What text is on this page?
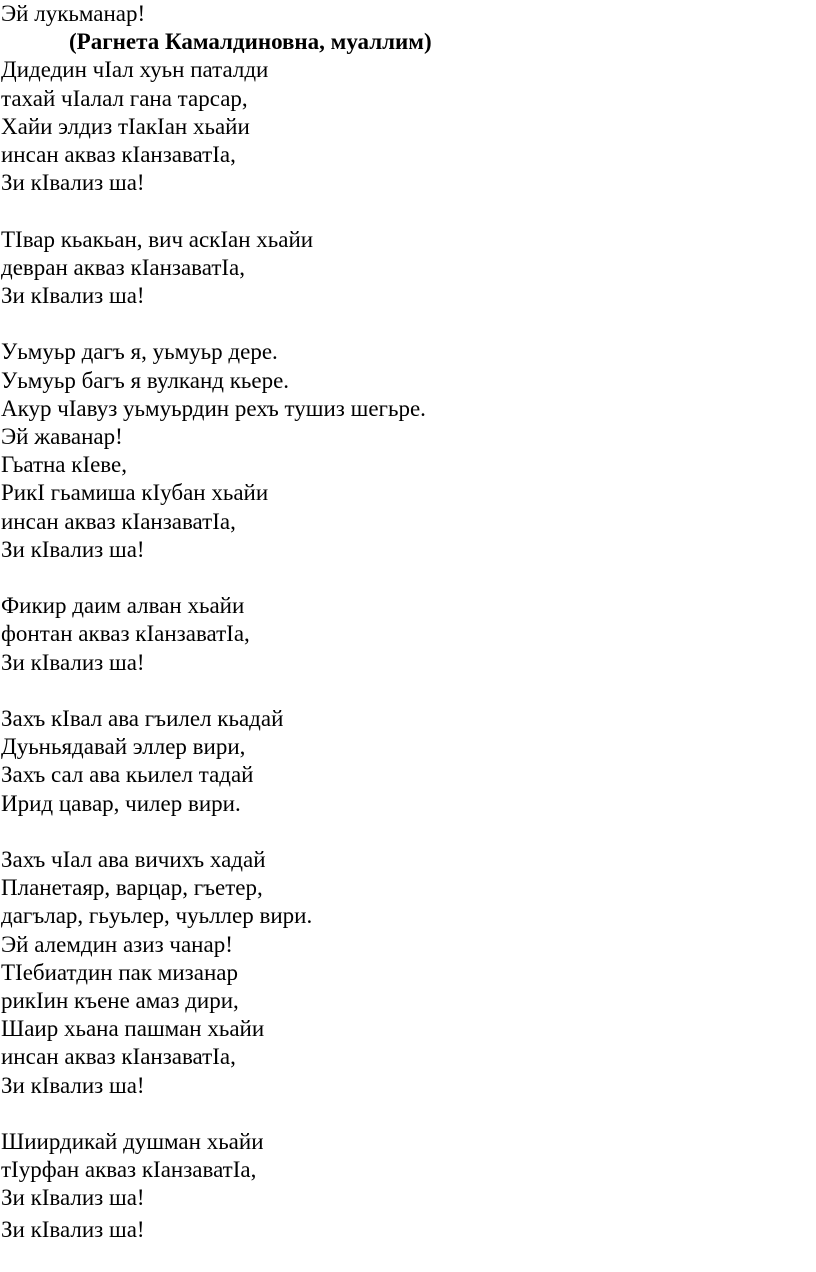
Эй лукьманар!
(Рагнета Камалдиновна, муаллим)
Дидедин чIал хуьн паталди
тахай чIалал гана тарсар,
Хайи элдиз тIакIан хьайи
инсан акваз кIанзаватIа,
Зи кIвализ ша!
TIвар кьакьан, вич аскIан хьайи
девран акваз кIанзаватIа,
Зи кIвализ ша!
Уьмуьр дагъ я, уьмуьр дере.
Уьмуьр багъ я вулканд кьере.
Акур чIавуз уьмуьрдин рехъ тушиз шегьре.
Эй жаванар!
Гьатна кIеве,
РикI гьамиша кIубан хьайи
инсан акваз кIанзаватIа,
Зи кIвализ ша!
Фикир даим алван хьайи
фонтан акваз кIанзаватIа,
Зи кIвализ ша!
Захъ кIвал ава гъилел кьадай
Дуьньядавай эллер вири,
Захъ сал ава кьилел тадай
Ирид цавар, чилер вири.
Захъ чIал ава вичихъ хадай
Планетаяр, варцар, гъетер,
дагълар, гьуьлер, чуьллер вири.
Эй алемдин азиз чанар!
TIебиатдин пак мизанар
рикIин къене амаз дири,
Шаир хьана пашман хьайи
инсан акваз кIанзаватIа,
Зи кIвализ ша!
Шиирдикай душман хьайи
тIурфан акваз кIанзаватIа,
Зи кIвализ ша!
Зи кIвализ ша!
